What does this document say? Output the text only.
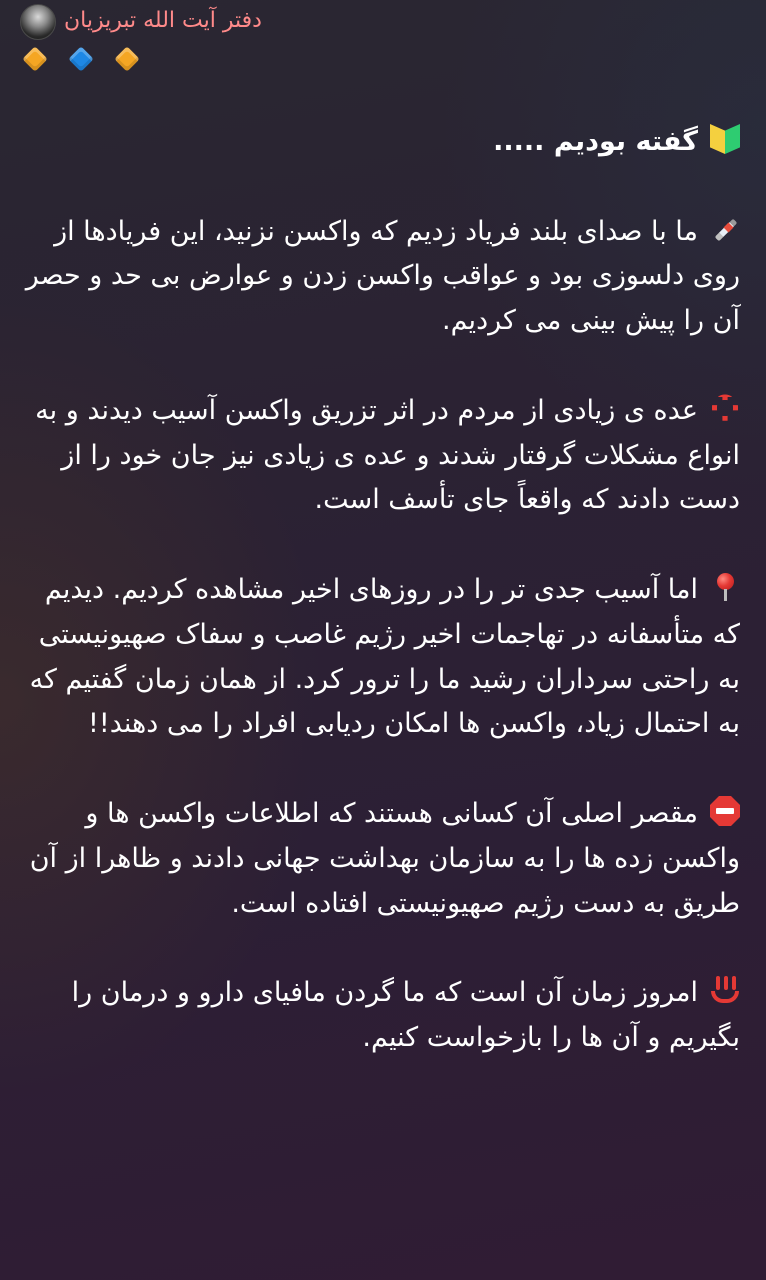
دفتر آیت الله تبریزیان

گفته بودیم .....

ما با صدای بلند فریاد زدیم که واکسن نزنید، این فریادها از روی دلسوزی بود و عواقب واکسن زدن و عوارض بی حد و حصر آن را پیش بینی می کردیم.

عده ی زیادی از مردم در اثر تزریق واکسن آسیب دیدند و به انواع مشکلات گرفتار شدند و عده ی زیادی نیز جان خود را از دست دادند که واقعاً جای تأسف است.

اما آسیب جدی تر را در روزهای اخیر مشاهده کردیم. دیدیم که متأسفانه در تهاجمات اخیر رژیم غاصب و سفاک صهیونیستی به راحتی سرداران رشید ما را ترور کرد. از همان زمان گفتیم که به احتمال زیاد، واکسن ها امکان ردیابی افراد را می دهند!!

مقصر اصلی آن کسانی هستند که اطلاعات واکسن ها و واکسن زده ها را به سازمان بهداشت جهانی دادند و ظاهرا از آن طریق به دست رژیم صهیونیستی افتاده است.

امروز زمان آن است که ما گردن مافیای دارو و درمان را بگیریم و آن ها را بازخواست کنیم.
